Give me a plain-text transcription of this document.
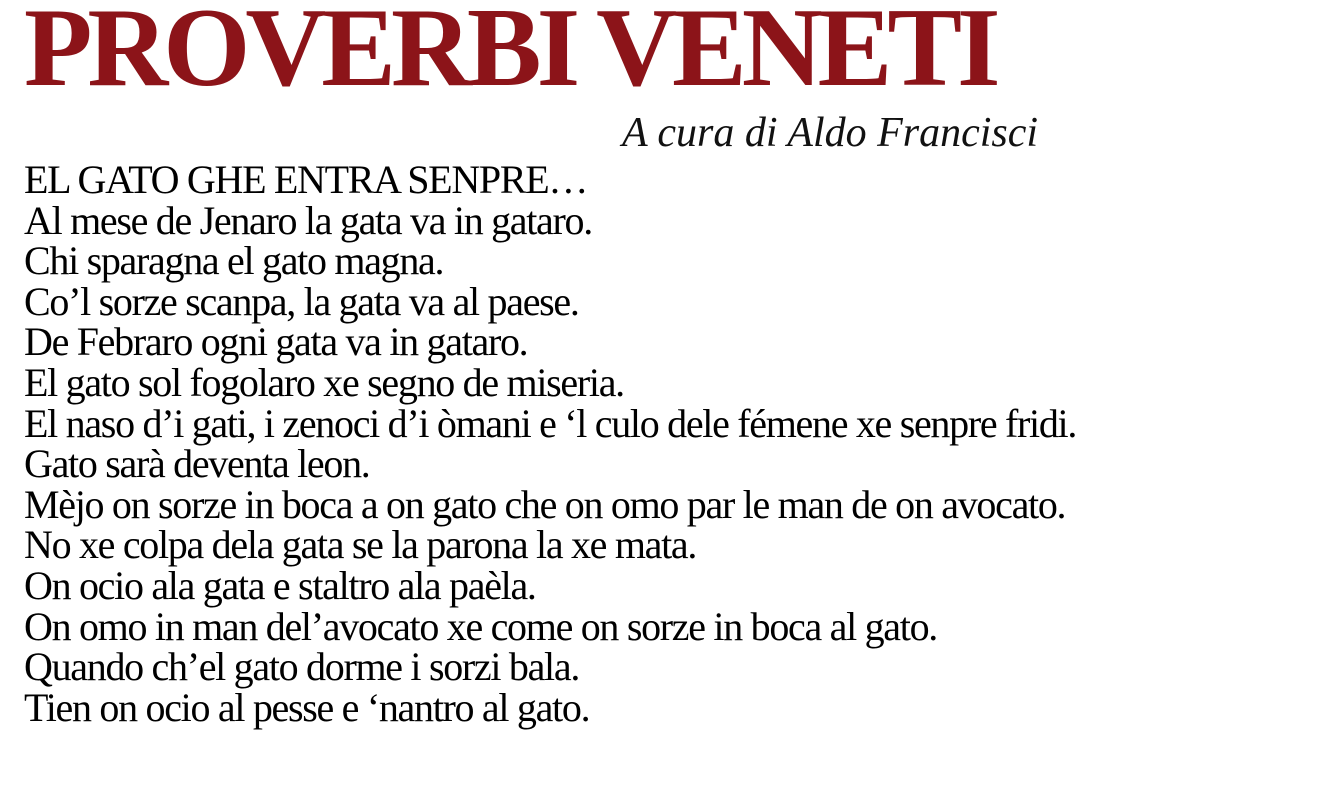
PROVERBI VENETI

A cura di Aldo Francisci

EL GATO GHE ENTRA SENPRE…
Al mese de Jenaro la gata va in gataro.
Chi sparagna el gato magna.
Co’l sorze scanpa, la gata va al paese.
De Febraro ogni gata va in gataro.
El gato sol fogolaro xe segno de miseria.
El naso d’i gati, i zenoci d’i òmani e ‘l culo dele fémene xe senpre fridi.
Gato sarà deventa leon.
Mèjo on sorze in boca a on gato che on omo par le man de on avocato.
No xe colpa dela gata se la parona la xe mata.
On ocio ala gata e staltro ala paèla.
On omo in man del’avocato xe come on sorze in boca al gato.
Quando ch’el gato dorme i sorzi bala.
Tien on ocio al pesse e ‘nantro al gato.
